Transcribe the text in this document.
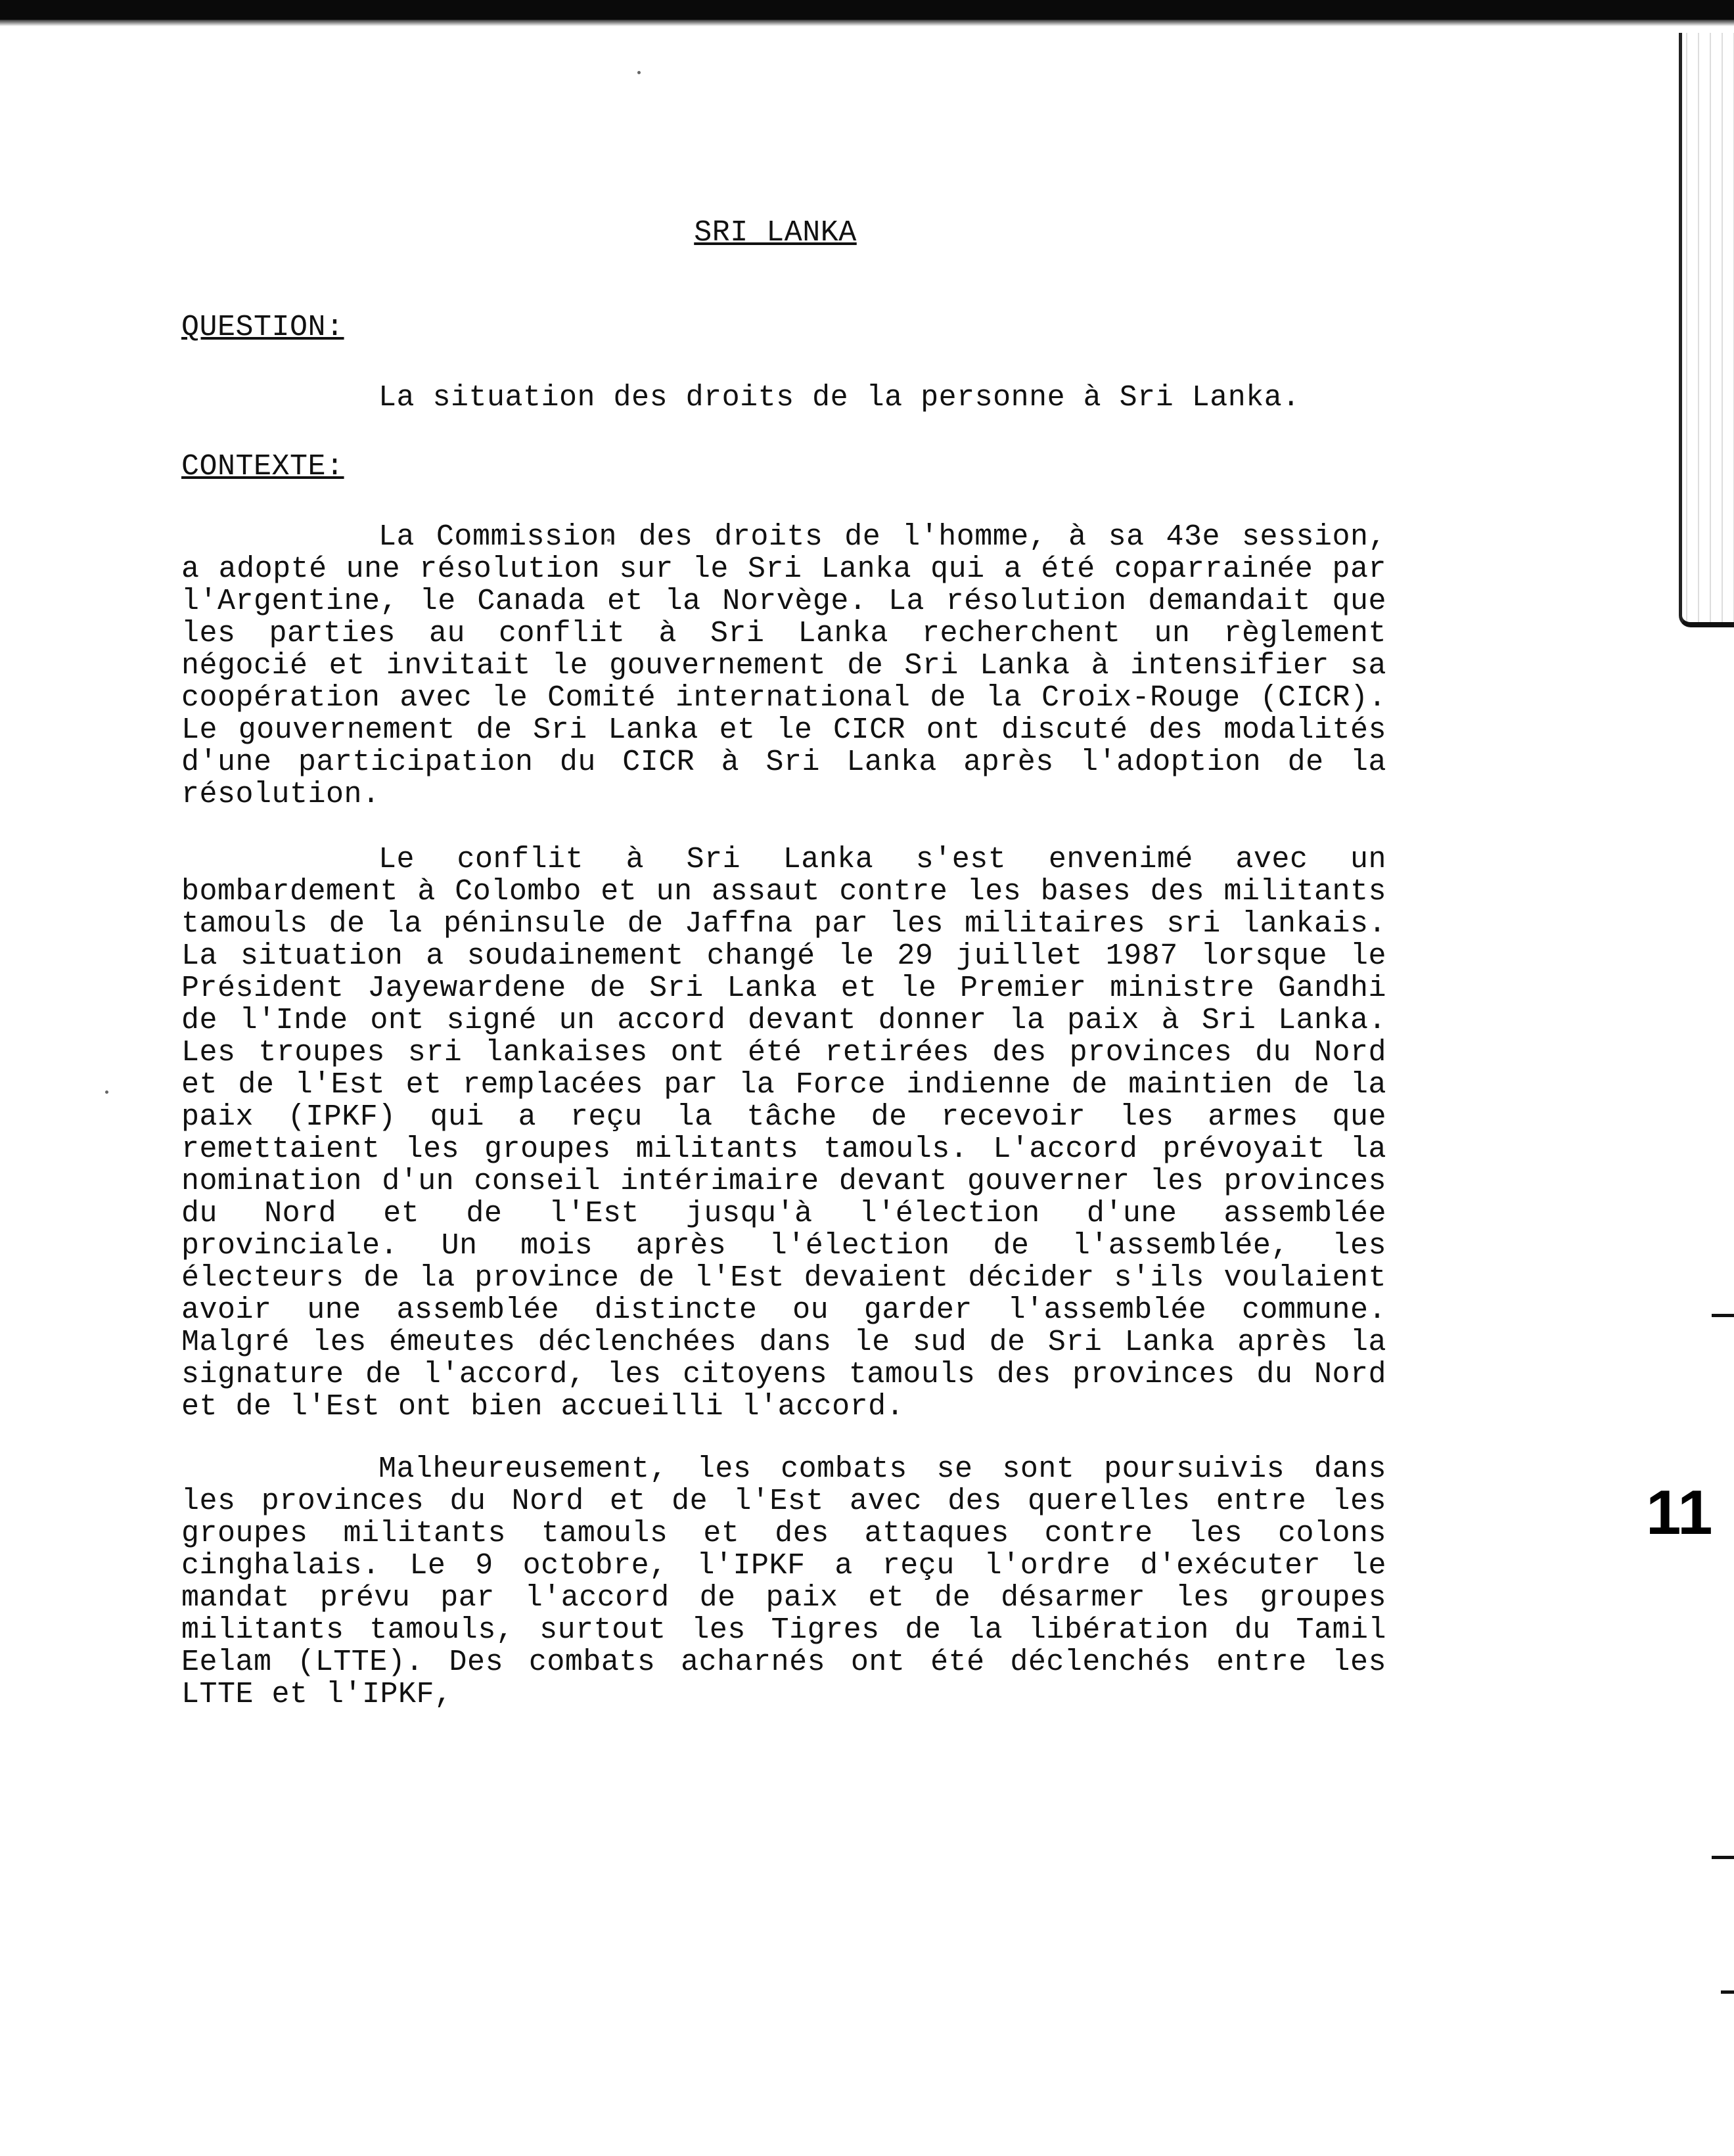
SRI LANKA
QUESTION:

La situation des droits de la personne à Sri Lanka.

CONTEXTE:

La Commission des droits de l'homme, à sa 43e session, a adopté une résolution sur le Sri Lanka qui a été coparrainée par l'Argentine, le Canada et la Norvège. La résolution demandait que les parties au conflit à Sri Lanka recherchent un règlement négocié et invitait le gouvernement de Sri Lanka à intensifier sa coopération avec le Comité international de la Croix-Rouge (CICR). Le gouvernement de Sri Lanka et le CICR ont discuté des modalités d'une participation du CICR à Sri Lanka après l'adoption de la résolution.

Le conflit à Sri Lanka s'est envenimé avec un bombardement à Colombo et un assaut contre les bases des militants tamouls de la péninsule de Jaffna par les militaires sri lankais. La situation a soudainement changé le 29 juillet 1987 lorsque le Président Jayewardene de Sri Lanka et le Premier ministre Gandhi de l'Inde ont signé un accord devant donner la paix à Sri Lanka. Les troupes sri lankaises ont été retirées des provinces du Nord et de l'Est et remplacées par la Force indienne de maintien de la paix (IPKF) qui a reçu la tâche de recevoir les armes que remettaient les groupes militants tamouls. L'accord prévoyait la nomination d'un conseil intérimaire devant gouverner les provinces du Nord et de l'Est jusqu'à l'élection d'une assemblée provinciale. Un mois après l'élection de l'assemblée, les électeurs de la province de l'Est devaient décider s'ils voulaient avoir une assemblée distincte ou garder l'assemblée commune. Malgré les émeutes déclenchées dans le sud de Sri Lanka après la signature de l'accord, les citoyens tamouls des provinces du Nord et de l'Est ont bien accueilli l'accord.

Malheureusement, les combats se sont poursuivis dans les provinces du Nord et de l'Est avec des querelles entre les groupes militants tamouls et des attaques contre les colons cinghalais. Le 9 octobre, l'IPKF a reçu l'ordre d'exécuter le mandat prévu par l'accord de paix et de désarmer les groupes militants tamouls, surtout les Tigres de la libération du Tamil Eelam (LTTE). Des combats acharnés ont été déclenchés entre les LTTE et l'IPKF,

11
